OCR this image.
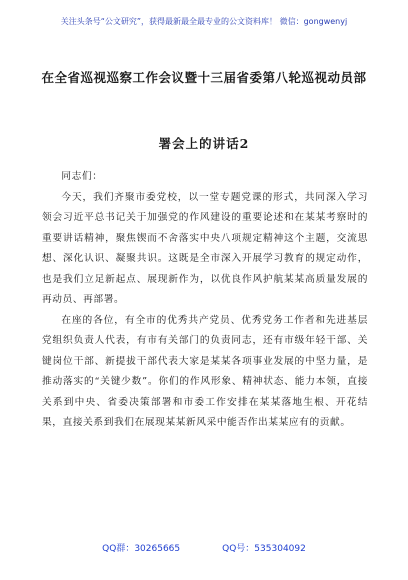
关注头条号“公文研究”，获得最新最全最专业的公文资料库！ 微信：gongwenyj
在全省巡视巡察工作会议暨十三届省委第八轮巡视动员部
署会上的讲话2

同志们：

今天，我们齐聚市委党校，以一堂专题党课的形式，共同深入学习领会习近平总书记关于加强党的作风建设的重要论述和在某某考察时的重要讲话精神，聚焦锲而不舍落实中央八项规定精神这个主题，交流思想、深化认识、凝聚共识。这既是全市深入开展学习教育的规定动作，也是我们立足新起点、展现新作为，以优良作风护航某某高质量发展的再动员、再部署。

在座的各位，有全市的优秀共产党员、优秀党务工作者和先进基层党组织负责人代表，有市有关部门的负责同志，还有市级年轻干部、关键岗位干部、新提拔干部代表大家是某某各项事业发展的中坚力量，是推动落实的“关键少数”。你们的作风形象、精神状态、能力本领，直接关系到中央、省委决策部署和市委工作安排在某某落地生根、开花结果，直接关系到我们在展现某某新风采中能否作出某某应有的贡献。

QQ群：30265665	QQ号：535304092
